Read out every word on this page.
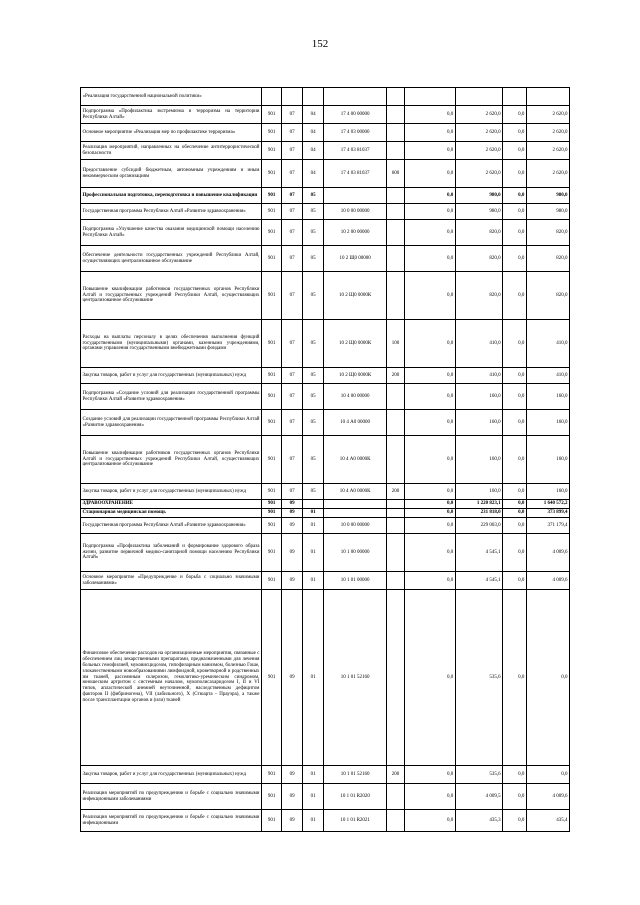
152
«Реализация государственной национальной политики»									
Подпрограмма «Профилактика экстремизма и терроризма на территории Республики Алтай»	901	07	04	17 4 00 00000		0,0	2 620,0	0,0	2 620,0
Основное мероприятие «Реализация мер по профилактике терроризма»	901	07	04	17 4 03 00000		0,0	2 620,0	0,0	2 620,0
Реализация мероприятий, направленных на обеспечение антитеррористической безопасности	901	07	04	17 4 03 81037		0,0	2 620,0	0,0	2 620,0
Предоставление субсидий бюджетным, автономным учреждениям и иным некоммерческим организациям	901	07	04	17 4 03 81037	600	0,0	2 620,0	0,0	2 620,0
Профессиональная подготовка, переподготовка и повышение квалификации	901	07	05			0,0	980,0	0,0	980,0
Государственная программа Республики Алтай «Развитие здравоохранения»	901	07	05	10 0 00 00000		0,0	980,0	0,0	980,0
Подпрограмма «Улучшение качества оказания медицинской помощи населению Республики Алтай»	901	07	05	10 2 00 00000		0,0	820,0	0,0	820,0
Обеспечение деятельности государственных учреждений Республики Алтай, осуществляющих централизованное обслуживание	901	07	05	10 2 Щ0 00000		0,0	820,0	0,0	820,0
Повышение квалификации работников государственных органов Республики Алтай и государственных учреждений Республики Алтай, осуществляющих централизованное обслуживание	901	07	05	10 2 Щ0 0000К		0,0	820,0	0,0	820,0
Расходы на выплаты персоналу в целях обеспечения выполнения функций государственными (муниципальными) органами, казенными учреждениями, органами управления государственными внебюджетными фондами	901	07	05	10 2 Щ0 0000К	100	0,0	410,0	0,0	410,0
Закупка товаров, работ и услуг для государственных (муниципальных) нужд	901	07	05	10 2 Щ0 0000К	200	0,0	410,0	0,0	410,0
Подпрограмма «Создание условий для реализации государственной программы Республики Алтай «Развитие здравоохранения»	901	07	05	10 4 00 00000		0,0	160,0	0,0	160,0
Создание условий для реализации государственной программы Республики Алтай «Развитие здравоохранения»	901	07	05	10 4 А0 00000		0,0	160,0	0,0	160,0
Повышение квалификации работников государственных органов Республики Алтай и государственных учреждений Республики Алтай, осуществляющих централизованное обслуживание	901	07	05	10 4 А0 0000К		0,0	160,0	0,0	160,0
Закупка товаров, работ и услуг для государственных (муниципальных) нужд	901	07	05	10 4 А0 0000К	200	0,0	160,0	0,0	160,0
ЗДРАВООХРАНЕНИЕ	901	09				0,0	1 220 823,1	0,0	1 640 572,2
Стационарная медицинская помощь	901	09	01			0,0	231 818,0	0,0	373 899,4
Государственная программа Республики Алтай «Развитие здравоохранения»	901	09	01	10 0 00 00000		0,0	229 003,0	0,0	371 179,4
Подпрограмма «Профилактика заболеваний и формирование здорового образа жизни, развитие первичной медико-санитарной помощи населению Республики Алтай»	901	09	01	10 1 00 00000		0,0	4 545,1	0,0	4 009,6
Основное мероприятие «Предупреждение и борьба с социально значимыми заболеваниями»	901	09	01	10 1 01 00000		0,0	4 545,1	0,0	4 009,6
Финансовое обеспечение расходов на организационные мероприятия, связанные с обеспечением лиц лекарственными препаратами, предназначенными для лечения больных гемофилией, муковисцидозом, гипофизарным нанизмом, болезнью Гоше, злокачественными новообразованиями лимфоидной, кроветворной и родственных им тканей, рассеянным склерозом, гемолитико-уремическим синдромом, юношеским артритом с системным началом, мукополисахаридозом I, II и VI типов, апластической анемией неуточненной, наследственным дефицитом факторов II (фибриногена), VII (лабильного), X (Стюарта - Прауэра), а также после трансплантации органов и (или) тканей	901	09	01	10 1 01 52160		0,0	535,6	0,0	0,0
Закупка товаров, работ и услуг для государственных (муниципальных) нужд	901	09	01	10 1 01 52160	200	0,0	535,6	0,0	0,0
Реализация мероприятий по предупреждению и борьбе с социально значимыми инфекционными заболеваниями	901	09	01	10 1 01 R2020		0,0	4 009,5	0,0	4 009,6
Реализация мероприятий по предупреждению и борьбе с социально значимыми инфекционными	901	09	01	10 1 01 R2021		0,0	435,3	0,0	435,4
